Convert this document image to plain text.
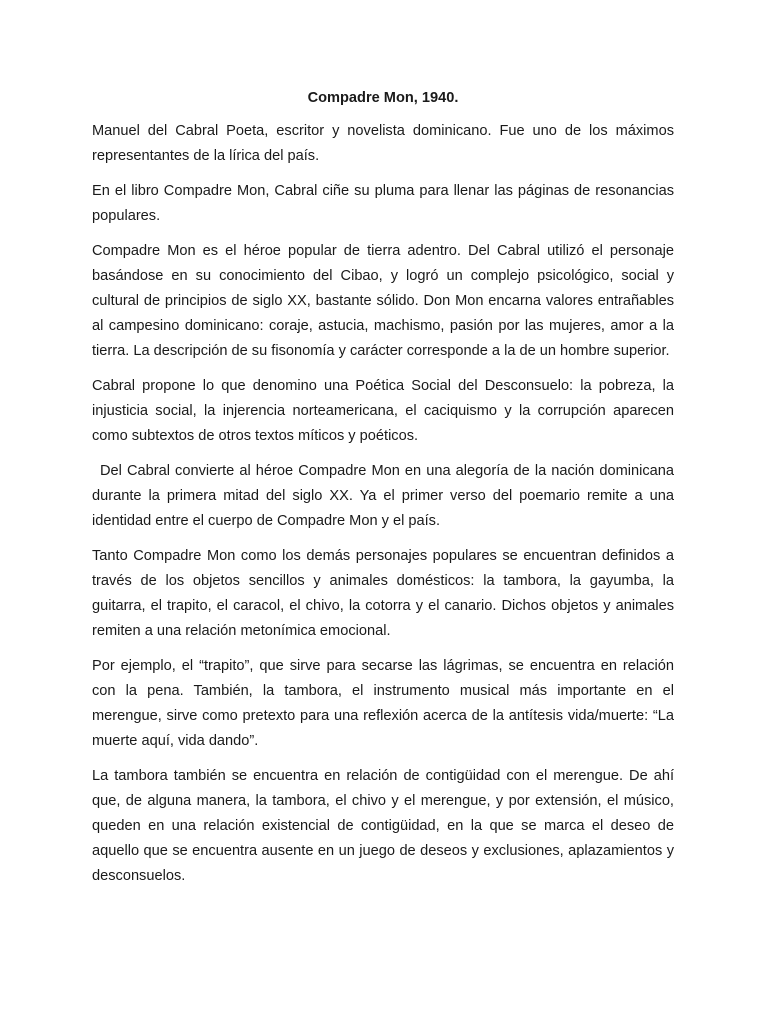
Compadre Mon, 1940.

Manuel del Cabral Poeta, escritor y novelista dominicano. Fue uno de los máximos representantes de la lírica del país.

En el libro Compadre Mon, Cabral ciñe su pluma para llenar las páginas de resonancias populares.

Compadre Mon es el héroe popular de tierra adentro. Del Cabral utilizó el personaje basándose en su conocimiento del Cibao, y logró un complejo psicológico, social y cultural de principios de siglo XX, bastante sólido. Don Mon encarna valores entrañables al campesino dominicano: coraje, astucia, machismo, pasión por las mujeres, amor a la tierra. La descripción de su fisonomía y carácter corresponde a la de un hombre superior.

Cabral propone lo que denomino una Poética Social del Desconsuelo: la pobreza, la injusticia social, la injerencia norteamericana, el caciquismo y la corrupción aparecen como subtextos de otros textos míticos y poéticos.

Del Cabral convierte al héroe Compadre Mon en una alegoría de la nación dominicana durante la primera mitad del siglo XX. Ya el primer verso del poemario remite a una identidad entre el cuerpo de Compadre Mon y el país.

Tanto Compadre Mon como los demás personajes populares se encuentran definidos a través de los objetos sencillos y animales domésticos: la tambora, la gayumba, la guitarra, el trapito, el caracol, el chivo, la cotorra y el canario. Dichos objetos y animales remiten a una relación metonímica emocional.

Por ejemplo, el “trapito”, que sirve para secarse las lágrimas, se encuentra en relación con la pena. También, la tambora, el instrumento musical más importante en el merengue, sirve como pretexto para una reflexión acerca de la antítesis vida/muerte: “La muerte aquí, vida dando”.

La tambora también se encuentra en relación de contigüidad con el merengue. De ahí que, de alguna manera, la tambora, el chivo y el merengue, y por extensión, el músico, queden en una relación existencial de contigüidad, en la que se marca el deseo de aquello que se encuentra ausente en un juego de deseos y exclusiones, aplazamientos y desconsuelos.
